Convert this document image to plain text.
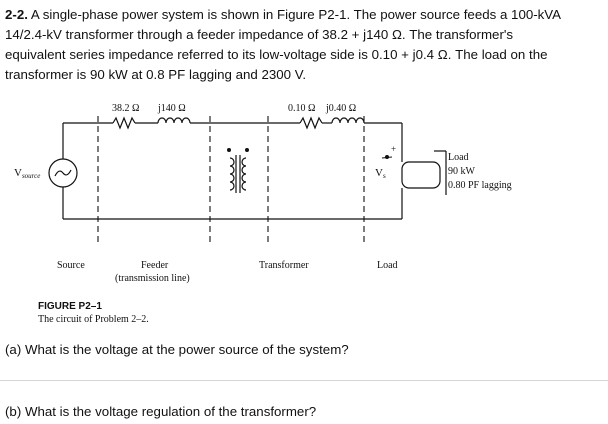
2-2. A single-phase power system is shown in Figure P2-1. The power source feeds a 100-kVA
14/2.4-kV transformer through a feeder impedance of 38.2 + j140 Ω. The transformer's
equivalent series impedance referred to its low-voltage side is 0.10 + j0.4 Ω. The load on the
transformer is 90 kW at 0.8 PF lagging and 2300 V.
38.2 Ω j140 Ω	0.10 Ω j0.40 Ω
Vsource
+
Vs
Load
90 kW
0.80 PF lagging
Source	Feeder
(transmission line)
Transformer	Load
FIGURE P2–1
The circuit of Problem 2–2.
(a) What is the voltage at the power source of the system?
(b) What is the voltage regulation of the transformer?
